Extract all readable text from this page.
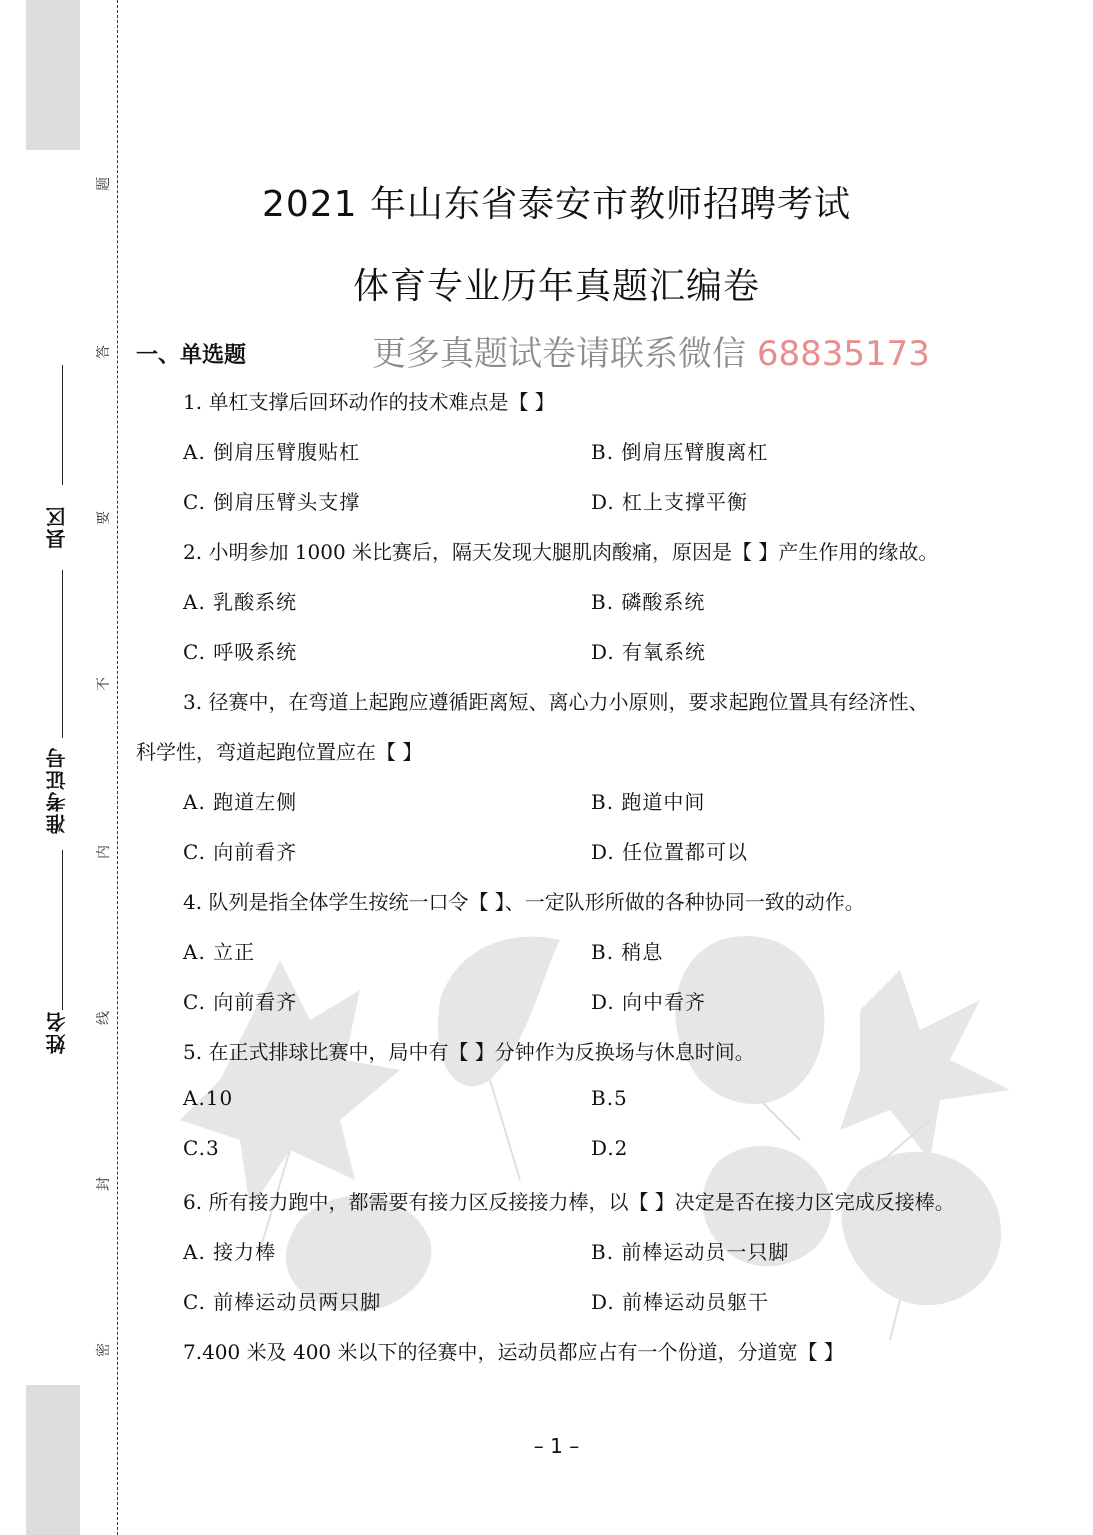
题
答
要
不
内
线
封
密
县区
准考证号
姓名
2021 年山东省泰安市教师招聘考试
体育专业历年真题汇编卷
一、单选题	更多真题试卷请联系微信 68835173
1. 单杠支撑后回环动作的技术难点是【 】
A. 倒肩压臂腹贴杠	B. 倒肩压臂腹离杠
C. 倒肩压臂头支撑	D. 杠上支撑平衡
2. 小明参加 1000 米比赛后，隔天发现大腿肌肉酸痛，原因是【 】产生作用的缘故。
A. 乳酸系统	B. 磷酸系统
C. 呼吸系统	D. 有氧系统
3. 径赛中，在弯道上起跑应遵循距离短、离心力小原则，要求起跑位置具有经济性、
科学性，弯道起跑位置应在【 】
A. 跑道左侧	B. 跑道中间
C. 向前看齐	D. 任位置都可以
4. 队列是指全体学生按统一口令【 】、一定队形所做的各种协同一致的动作。
A. 立正	B. 稍息
C. 向前看齐	D. 向中看齐
5. 在正式排球比赛中，局中有【 】分钟作为反换场与休息时间。
A.10	B.5
C.3	D.2
6. 所有接力跑中，都需要有接力区反接接力棒，以【 】决定是否在接力区完成反接棒。
A. 接力棒	B. 前棒运动员一只脚
C. 前棒运动员两只脚	D. 前棒运动员躯干
7.400 米及 400 米以下的径赛中，运动员都应占有一个份道，分道宽【 】
– 1 –
